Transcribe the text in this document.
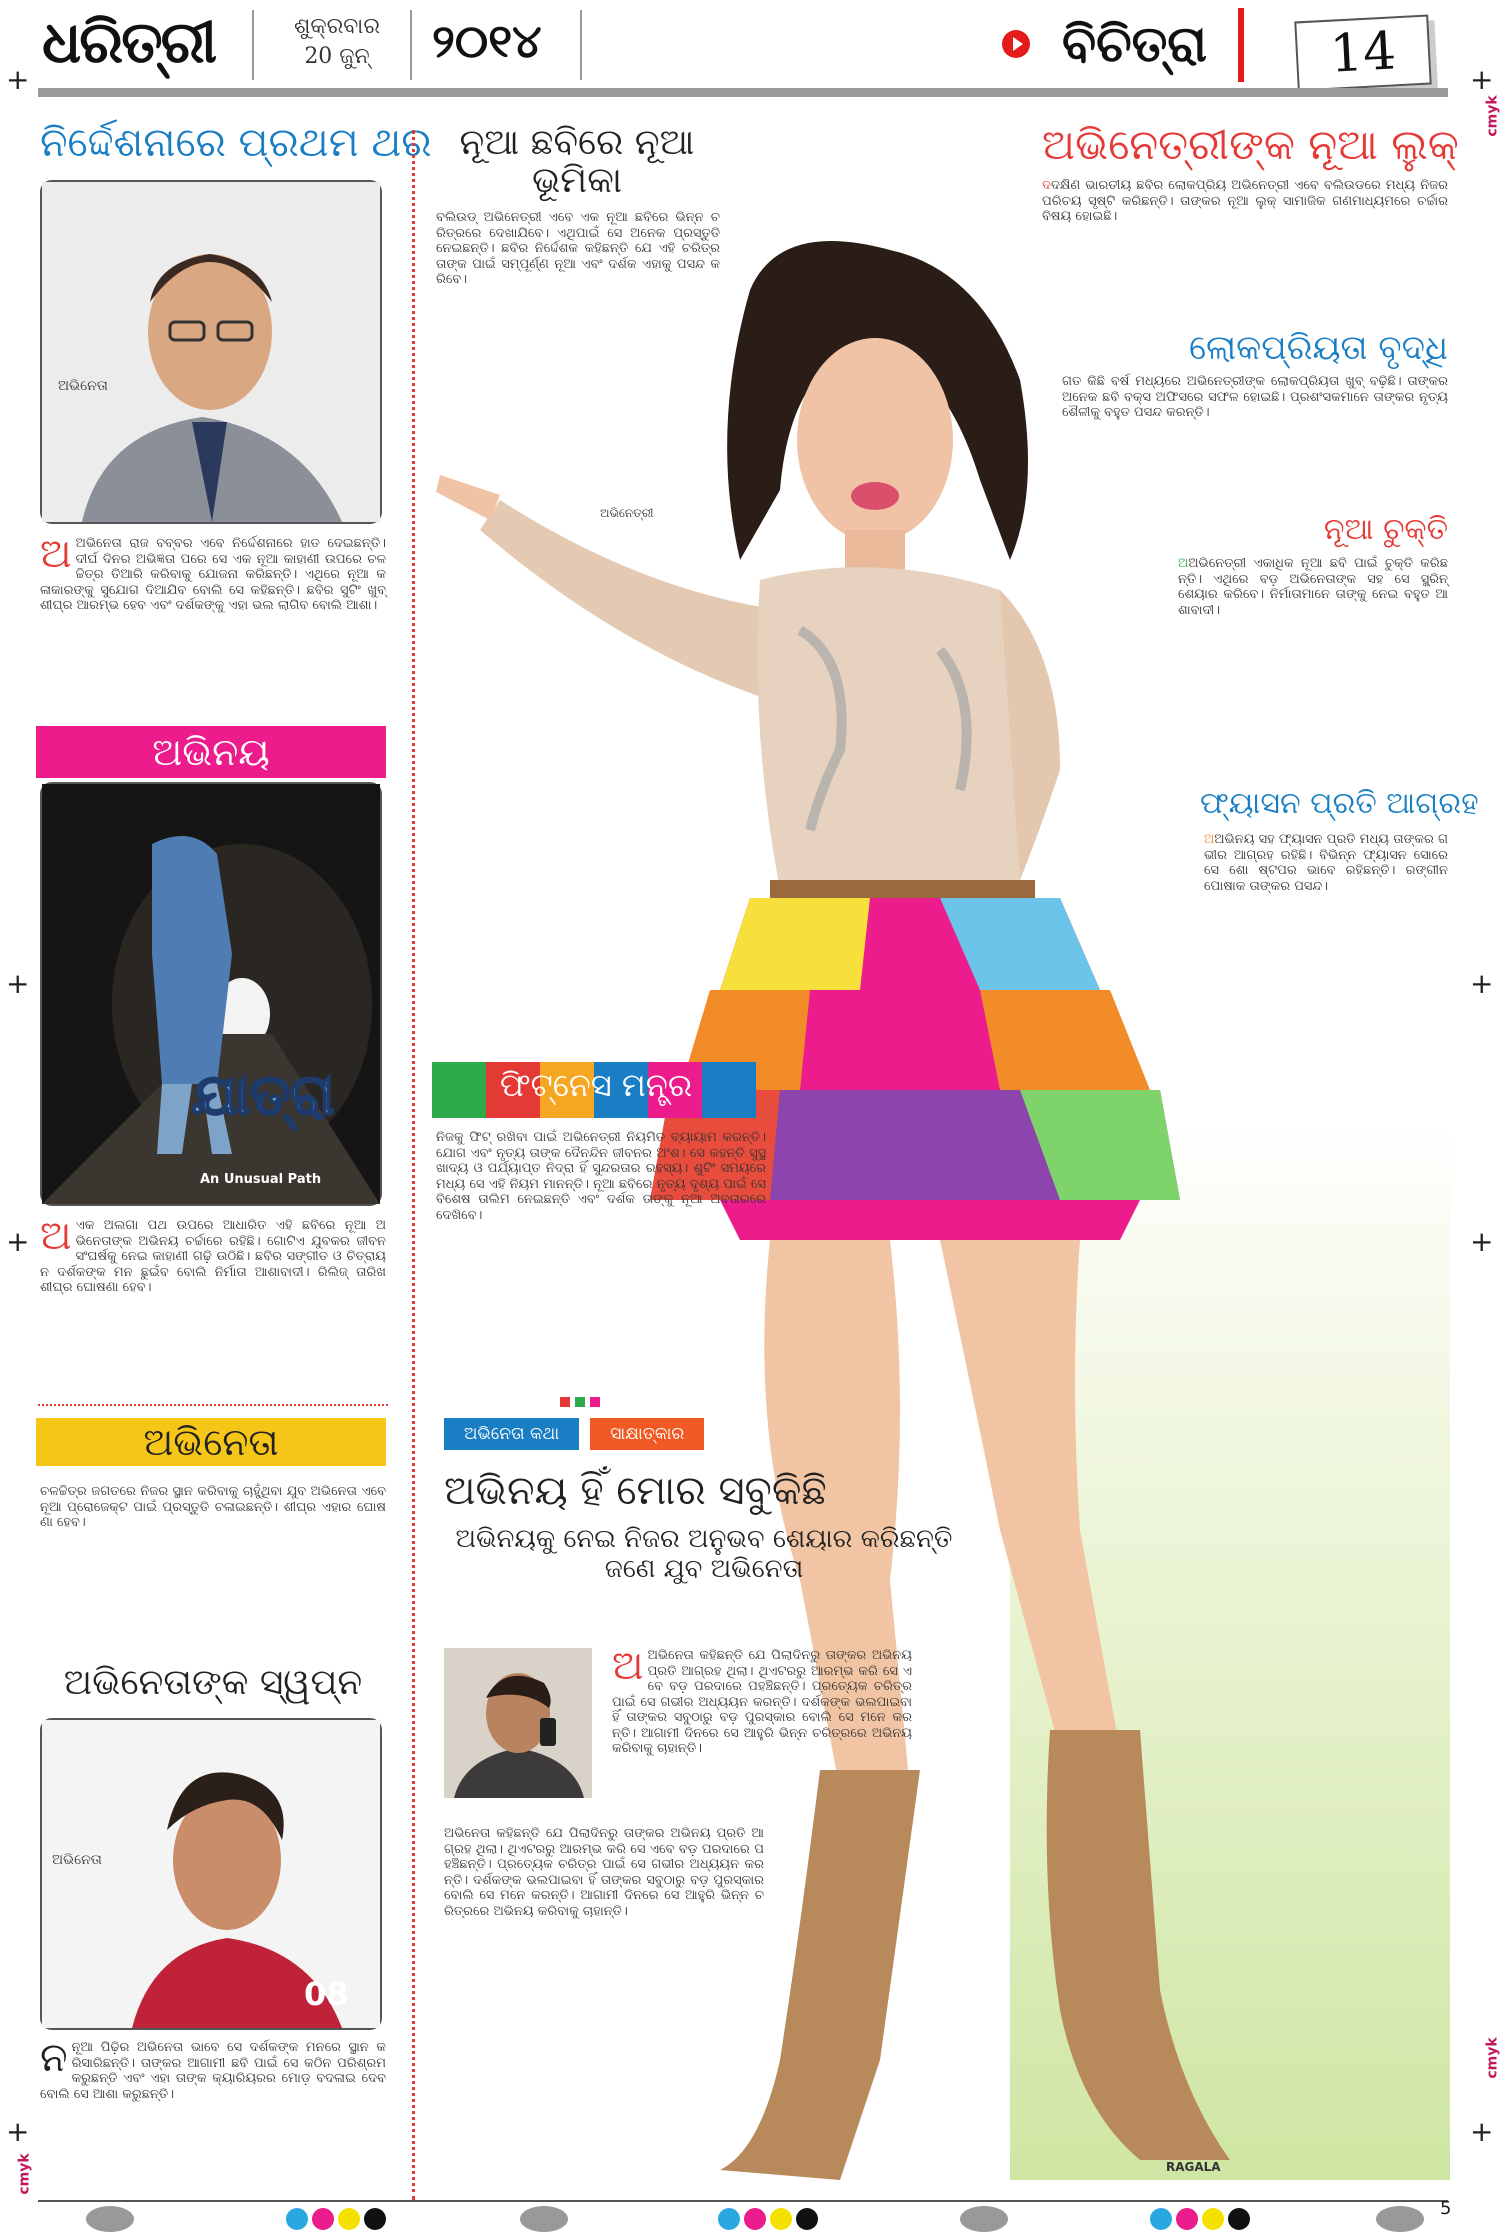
ଧରିତ୍ରୀ	ଶୁକ୍ରବାର
20 ଜୁନ୍	୨୦୧୪	ବିଚିତ୍ରା	14
+	+
+	+
+	+
+	+
cmyk
cmyk
cmyk
ନିର୍ଦ୍ଦେଶନାରେ ପ୍ରଥମ ଥର
ଅଭିନେତା
ଅଅଭିନେତା ରାଜ ବବ୍ବର ଏବେ ନିର୍ଦ୍ଦେଶନାରେ ହାତ ଦେଇଛନ୍ତି। ଦୀର୍ଘ ଦିନର ଅଭିଜ୍ଞତା ପରେ ସେ ଏକ ନୂଆ କାହାଣୀ ଉପରେ ଚଳଚ୍ଚିତ୍ର ତିଆରି କରିବାକୁ ଯୋଜନା କରିଛନ୍ତି। ଏଥିରେ ନୂଆ କଳାକାରଙ୍କୁ ସୁଯୋଗ ଦିଆଯିବ ବୋଲି ସେ କହିଛନ୍ତି। ଛବିର ସୁଟିଂ ଖୁବ୍ ଶୀଘ୍ର ଆରମ୍ଭ ହେବ ଏବଂ ଦର୍ଶକଙ୍କୁ ଏହା ଭଲ ଲାଗିବ ବୋଲି ଆଶା।
ଅଭିନୟ
ଯାତ୍ରା
An Unusual Path
ଅଏକ ଅଲଗା ପଥ ଉପରେ ଆଧାରିତ ଏହି ଛବିରେ ନୂଆ ଅଭିନେତାଙ୍କ ଅଭିନୟ ଚର୍ଚ୍ଚାରେ ରହିଛି। ଗୋଟିଏ ଯୁବକର ଜୀବନ ସଂଘର୍ଷକୁ ନେଇ କାହାଣୀ ଗଢ଼ି ଉଠିଛି। ଛବିର ସଙ୍ଗୀତ ଓ ଚିତ୍ରାୟନ ଦର୍ଶକଙ୍କ ମନ ଛୁଇଁବ ବୋଲି ନିର୍ମାତା ଆଶାବାଦୀ। ରିଲିଜ୍ ତାରିଖ ଶୀଘ୍ର ଘୋଷଣା ହେବ।
ଅଭିନେତା
ଚଳଚ୍ଚିତ୍ର ଜଗତରେ ନିଜର ସ୍ଥାନ କରିବାକୁ ଚାହୁଁଥିବା ଯୁବ ଅଭିନେତା ଏବେ ନୂଆ ପ୍ରୋଜେକ୍ଟ ପାଇଁ ପ୍ରସ୍ତୁତି ଚଳାଇଛନ୍ତି। ଶୀଘ୍ର ଏହାର ଘୋଷଣା ହେବ।
ଅଭିନେତାଙ୍କ ସ୍ୱପ୍ନ
08
ଅଭିନେତା
ନନୂଆ ପିଢ଼ିର ଅଭିନେତା ଭାବେ ସେ ଦର୍ଶକଙ୍କ ମନରେ ସ୍ଥାନ କରିସାରିଛନ୍ତି। ତାଙ୍କର ଆଗାମୀ ଛବି ପାଇଁ ସେ କଠିନ ପରିଶ୍ରମ କରୁଛନ୍ତି ଏବଂ ଏହା ତାଙ୍କ କ୍ୟାରିୟରର ମୋଡ଼ ବଦଳାଇ ଦେବ ବୋଲି ସେ ଆଶା କରୁଛନ୍ତି।
RAGALA
ନୂଆ ଛବିରେ ନୂଆ ଭୂମିକା
ବଲିଉଡ୍ ଅଭିନେତ୍ରୀ ଏବେ ଏକ ନୂଆ ଛବିରେ ଭିନ୍ନ ଚରିତ୍ରରେ ଦେଖାଯିବେ। ଏଥିପାଇଁ ସେ ଅନେକ ପ୍ରସ୍ତୁତି ନେଇଛନ୍ତି। ଛବିର ନିର୍ଦ୍ଦେଶକ କହିଛନ୍ତି ଯେ ଏହି ଚରିତ୍ର ତାଙ୍କ ପାଇଁ ସମ୍ପୂର୍ଣ୍ଣ ନୂଆ ଏବଂ ଦର୍ଶକ ଏହାକୁ ପସନ୍ଦ କରିବେ।
ଅଭିନେତ୍ରୀ
ଫିଟ୍‌ନେସ ମନ୍ତ୍ର
ନିଜକୁ ଫିଟ୍ ରଖିବା ପାଇଁ ଅଭିନେତ୍ରୀ ନିୟମିତ ବ୍ୟାୟାମ କରନ୍ତି। ଯୋଗ ଏବଂ ନୃତ୍ୟ ତାଙ୍କ ଦୈନନ୍ଦିନ ଜୀବନର ଅଂଶ। ସେ କହନ୍ତି ସୁସ୍ଥ ଖାଦ୍ୟ ଓ ପର୍ଯ୍ୟାପ୍ତ ନିଦ୍ରା ହିଁ ସୁନ୍ଦରତାର ରହସ୍ୟ। ଶୁଟିଂ ସମୟରେ ମଧ୍ୟ ସେ ଏହି ନିୟମ ମାନନ୍ତି। ନୂଆ ଛବିରେ ନୃତ୍ୟ ଦୃଶ୍ୟ ପାଇଁ ସେ ବିଶେଷ ତାଲିମ ନେଇଛନ୍ତି ଏବଂ ଦର୍ଶକ ତାଙ୍କୁ ନୂଆ ଅବତାରରେ ଦେଖିବେ।

ଅଭିନେତା କଥା	ସାକ୍ଷାତ୍କାର
ଅଭିନୟ ହିଁ ମୋର ସବୁକିଛି
ଅଭିନୟକୁ ନେଇ ନିଜର ଅନୁଭବ ଶେୟାର କରିଛନ୍ତି ଜଣେ ଯୁବ ଅଭିନେତା
ଅଅଭିନେତା କହିଛନ୍ତି ଯେ ପିଲାଦିନରୁ ତାଙ୍କର ଅଭିନୟ ପ୍ରତି ଆଗ୍ରହ ଥିଲା। ଥିଏଟରରୁ ଆରମ୍ଭ କରି ସେ ଏବେ ବଡ଼ ପରଦାରେ ପହଞ୍ଚିଛନ୍ତି। ପ୍ରତ୍ୟେକ ଚରିତ୍ର ପାଇଁ ସେ ଗଭୀର ଅଧ୍ୟୟନ କରନ୍ତି। ଦର୍ଶକଙ୍କ ଭଲପାଇବା ହିଁ ତାଙ୍କର ସବୁଠାରୁ ବଡ଼ ପୁରସ୍କାର ବୋଲି ସେ ମନେ କରନ୍ତି। ଆଗାମୀ ଦିନରେ ସେ ଆହୁରି ଭିନ୍ନ ଚରିତ୍ରରେ ଅଭିନୟ କରିବାକୁ ଚାହାନ୍ତି।
ଅଭିନେତା କହିଛନ୍ତି ଯେ ପିଲାଦିନରୁ ତାଙ୍କର ଅଭିନୟ ପ୍ରତି ଆଗ୍ରହ ଥିଲା। ଥିଏଟରରୁ ଆରମ୍ଭ କରି ସେ ଏବେ ବଡ଼ ପରଦାରେ ପହଞ୍ଚିଛନ୍ତି। ପ୍ରତ୍ୟେକ ଚରିତ୍ର ପାଇଁ ସେ ଗଭୀର ଅଧ୍ୟୟନ କରନ୍ତି। ଦର୍ଶକଙ୍କ ଭଲପାଇବା ହିଁ ତାଙ୍କର ସବୁଠାରୁ ବଡ଼ ପୁରସ୍କାର ବୋଲି ସେ ମନେ କରନ୍ତି। ଆଗାମୀ ଦିନରେ ସେ ଆହୁରି ଭିନ୍ନ ଚରିତ୍ରରେ ଅଭିନୟ କରିବାକୁ ଚାହାନ୍ତି।
ଅଭିନେତ୍ରୀଙ୍କ ନୂଆ ଲୁକ୍
ଦଦକ୍ଷିଣ ଭାରତୀୟ ଛବିର ଲୋକପ୍ରିୟ ଅଭିନେତ୍ରୀ ଏବେ ବଲିଉଡରେ ମଧ୍ୟ ନିଜର ପରିଚୟ ସୃଷ୍ଟି କରିଛନ୍ତି। ତାଙ୍କର ନୂଆ ଲୁକ୍ ସାମାଜିକ ଗଣମାଧ୍ୟମରେ ଚର୍ଚ୍ଚାର ବିଷୟ ହୋଇଛି।
ଲୋକପ୍ରିୟତା ବୃଦ୍ଧି
ଗତ କିଛି ବର୍ଷ ମଧ୍ୟରେ ଅଭିନେତ୍ରୀଙ୍କ ଲୋକପ୍ରିୟତା ଖୁବ୍ ବଢ଼ିଛି। ତାଙ୍କର ଅନେକ ଛବି ବକ୍ସ ଅଫିସରେ ସଫଳ ହୋଇଛି। ପ୍ରଶଂସକମାନେ ତାଙ୍କର ନୃତ୍ୟ ଶୈଳୀକୁ ବହୁତ ପସନ୍ଦ କରନ୍ତି।
ନୂଆ ଚୁକ୍ତି
ଅଅଭିନେତ୍ରୀ ଏକାଧିକ ନୂଆ ଛବି ପାଇଁ ଚୁକ୍ତି କରିଛନ୍ତି। ଏଥିରେ ବଡ଼ ଅଭିନେତାଙ୍କ ସହ ସେ ସ୍କ୍ରିନ୍ ଶେୟାର କରିବେ। ନିର୍ମାତାମାନେ ତାଙ୍କୁ ନେଇ ବହୁତ ଆଶାବାଦୀ।
ଫ୍ୟାସନ ପ୍ରତି ଆଗ୍ରହ
ଅଅଭିନୟ ସହ ଫ୍ୟାସନ ପ୍ରତି ମଧ୍ୟ ତାଙ୍କର ଗଭୀର ଆଗ୍ରହ ରହିଛି। ବିଭିନ୍ନ ଫ୍ୟାସନ ସୋରେ ସେ ଶୋ ଷ୍ଟପର ଭାବେ ରହିଛନ୍ତି। ରଙ୍ଗୀନ ପୋଷାକ ତାଙ୍କର ପସନ୍ଦ।
5
